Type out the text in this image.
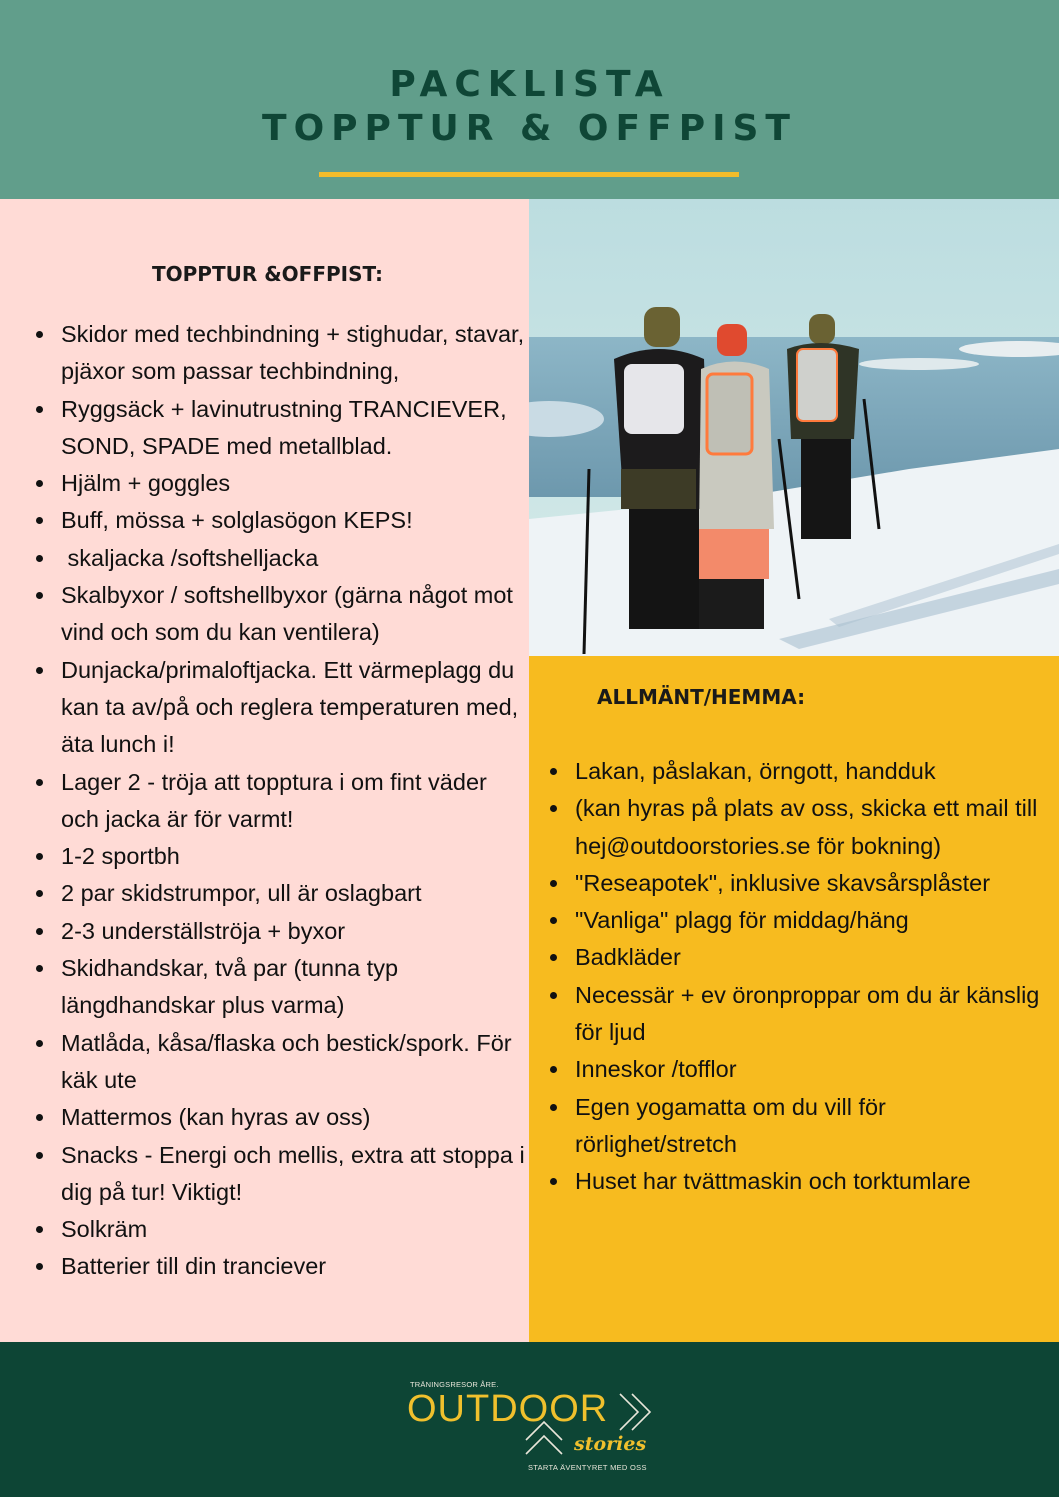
PACKLISTA
TOPPTUR & OFFPIST
TOPPTUR &OFFPIST:
Skidor med techbindning + stighudar, stavar, pjäxor som passar techbindning,
Ryggsäck + lavinutrustning TRANCIEVER, SOND, SPADE med metallblad.
Hjälm + goggles
Buff, mössa + solglasögon KEPS!
skaljacka /softshelljacka
Skalbyxor / softshellbyxor (gärna något mot vind och som du kan ventilera)
Dunjacka/primaloftjacka. Ett värmeplagg du kan ta av/på och reglera temperaturen med, äta lunch i!
Lager 2 - tröja att topptura i om fint väder och jacka är för varmt!
1-2 sportbh
2 par skidstrumpor, ull är oslagbart
2-3 underställströja + byxor
Skidhandskar, två par (tunna typ längdhandskar plus varma)
Matlåda, kåsa/flaska och bestick/spork. För käk ute
Mattermos (kan hyras av oss)
Snacks - Energi och mellis, extra att stoppa i dig på tur! Viktigt!
Solkräm
Batterier till din tranciever
ALLMÄNT/HEMMA:
Lakan, påslakan, örngott, handduk
(kan hyras på plats av oss, skicka ett mail till hej@outdoorstories.se för bokning)
"Reseapotek", inklusive skavsårsplåster
"Vanliga" plagg för middag/häng
Badkläder
Necessär + ev öronproppar om du är känslig för ljud
Inneskor /tofflor
Egen yogamatta om du vill för rörlighet/stretch
Huset har tvättmaskin och torktumlare
TRÄNINGSRESOR ÅRE.
OUTDOOR
stories
STARTA ÄVENTYRET MED OSS
